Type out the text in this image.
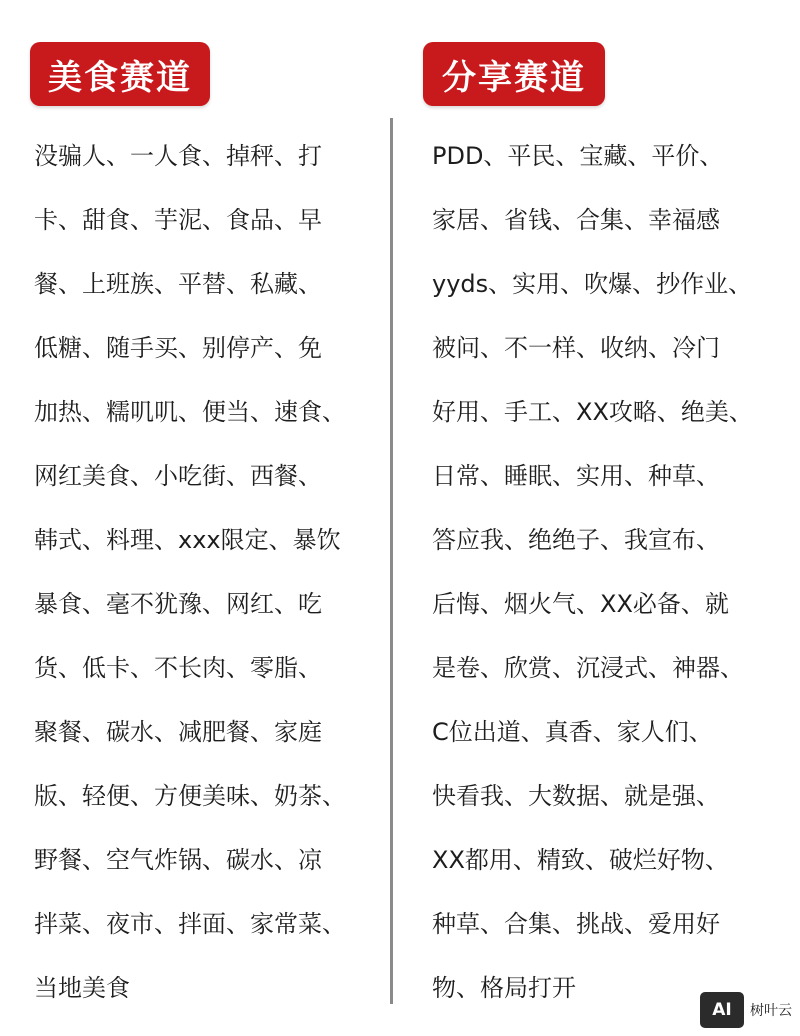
美食赛道	分享赛道
没骗人、一人食、掉秤、打
卡、甜食、芋泥、食品、早
餐、上班族、平替、私藏、
低糖、随手买、别停产、免
加热、糯叽叽、便当、速食、
网红美食、小吃街、西餐、
韩式、料理、xxx限定、暴饮
暴食、毫不犹豫、网红、吃
货、低卡、不长肉、零脂、
聚餐、碳水、减肥餐、家庭
版、轻便、方便美味、奶茶、
野餐、空气炸锅、碳水、凉
拌菜、夜市、拌面、家常菜、
当地美食
PDD、平民、宝藏、平价、
家居、省钱、合集、幸福感
yyds、实用、吹爆、抄作业、
被问、不一样、收纳、冷门
好用、手工、XX攻略、绝美、
日常、睡眠、实用、种草、
答应我、绝绝子、我宣布、
后悔、烟火气、XX必备、就
是卷、欣赏、沉浸式、神器、
C位出道、真香、家人们、
快看我、大数据、就是强、
XX都用、精致、破烂好物、
种草、合集、挑战、爱用好
物、格局打开
AI 树叶云
